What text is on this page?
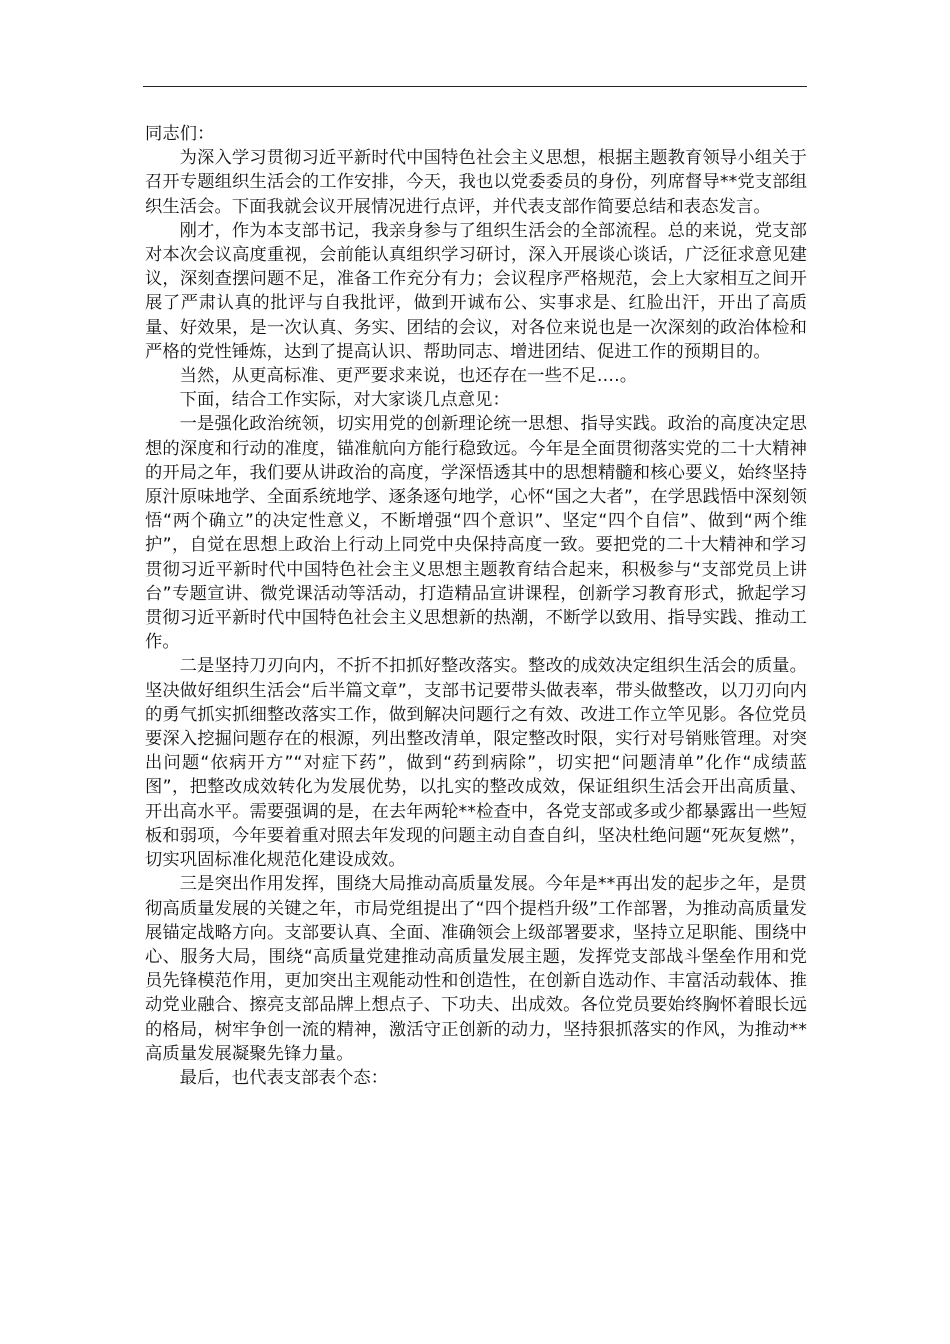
同志们：

为深入学习贯彻习近平新时代中国特色社会主义思想，根据主题教育领导小组关于召开专题组织生活会的工作安排，今天，我也以党委委员的身份，列席督导**党支部组织生活会。下面我就会议开展情况进行点评，并代表支部作简要总结和表态发言。

刚才，作为本支部书记，我亲身参与了组织生活会的全部流程。总的来说，党支部对本次会议高度重视，会前能认真组织学习研讨，深入开展谈心谈话，广泛征求意见建议，深刻查摆问题不足，准备工作充分有力；会议程序严格规范，会上大家相互之间开展了严肃认真的批评与自我批评，做到开诚布公、实事求是、红脸出汗，开出了高质量、好效果，是一次认真、务实、团结的会议，对各位来说也是一次深刻的政治体检和严格的党性锤炼，达到了提高认识、帮助同志、增进团结、促进工作的预期目的。

当然，从更高标准、更严要求来说，也还存在一些不足….。

下面，结合工作实际，对大家谈几点意见：

一是强化政治统领，切实用党的创新理论统一思想、指导实践。政治的高度决定思想的深度和行动的准度，锚准航向方能行稳致远。今年是全面贯彻落实党的二十大精神的开局之年，我们要从讲政治的高度，学深悟透其中的思想精髓和核心要义，始终坚持原汁原味地学、全面系统地学、逐条逐句地学，心怀“国之大者”，在学思践悟中深刻领悟“两个确立”的决定性意义，不断增强“四个意识”、坚定“四个自信”、做到“两个维护”，自觉在思想上政治上行动上同党中央保持高度一致。要把党的二十大精神和学习贯彻习近平新时代中国特色社会主义思想主题教育结合起来，积极参与“支部党员上讲台”专题宣讲、微党课活动等活动，打造精品宣讲课程，创新学习教育形式，掀起学习贯彻习近平新时代中国特色社会主义思想新的热潮，不断学以致用、指导实践、推动工作。

二是坚持刀刃向内，不折不扣抓好整改落实。整改的成效决定组织生活会的质量。坚决做好组织生活会“后半篇文章”，支部书记要带头做表率，带头做整改，以刀刃向内的勇气抓实抓细整改落实工作，做到解决问题行之有效、改进工作立竿见影。各位党员要深入挖掘问题存在的根源，列出整改清单，限定整改时限，实行对号销账管理。对突出问题“依病开方”“对症下药”，做到“药到病除”，切实把“问题清单”化作“成绩蓝图”，把整改成效转化为发展优势，以扎实的整改成效，保证组织生活会开出高质量、开出高水平。需要强调的是，在去年两轮**检查中，各党支部或多或少都暴露出一些短板和弱项，今年要着重对照去年发现的问题主动自查自纠，坚决杜绝问题“死灰复燃”，切实巩固标准化规范化建设成效。

三是突出作用发挥，围绕大局推动高质量发展。今年是**再出发的起步之年，是贯彻高质量发展的关键之年，市局党组提出了“四个提档升级”工作部署，为推动高质量发展锚定战略方向。支部要认真、全面、准确领会上级部署要求，坚持立足职能、围绕中心、服务大局，围绕“高质量党建推动高质量发展主题，发挥党支部战斗堡垒作用和党员先锋模范作用，更加突出主观能动性和创造性，在创新自选动作、丰富活动载体、推动党业融合、擦亮支部品牌上想点子、下功夫、出成效。各位党员要始终胸怀着眼长远的格局，树牢争创一流的精神，激活守正创新的动力，坚持狠抓落实的作风，为推动**高质量发展凝聚先锋力量。

最后，也代表支部表个态：
